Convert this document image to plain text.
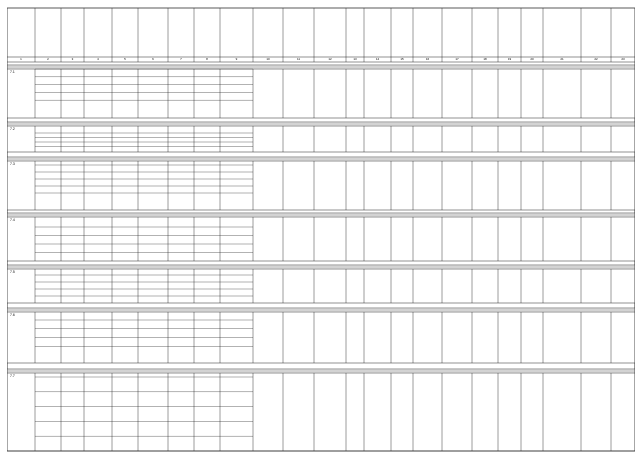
1	2	3	4	5	6	7	8	9	10	11	12	13	14	15	16	17	18	19	20	21	22	23
7.1
7.2
7.3
7.4
7.5
7.6
7.7
